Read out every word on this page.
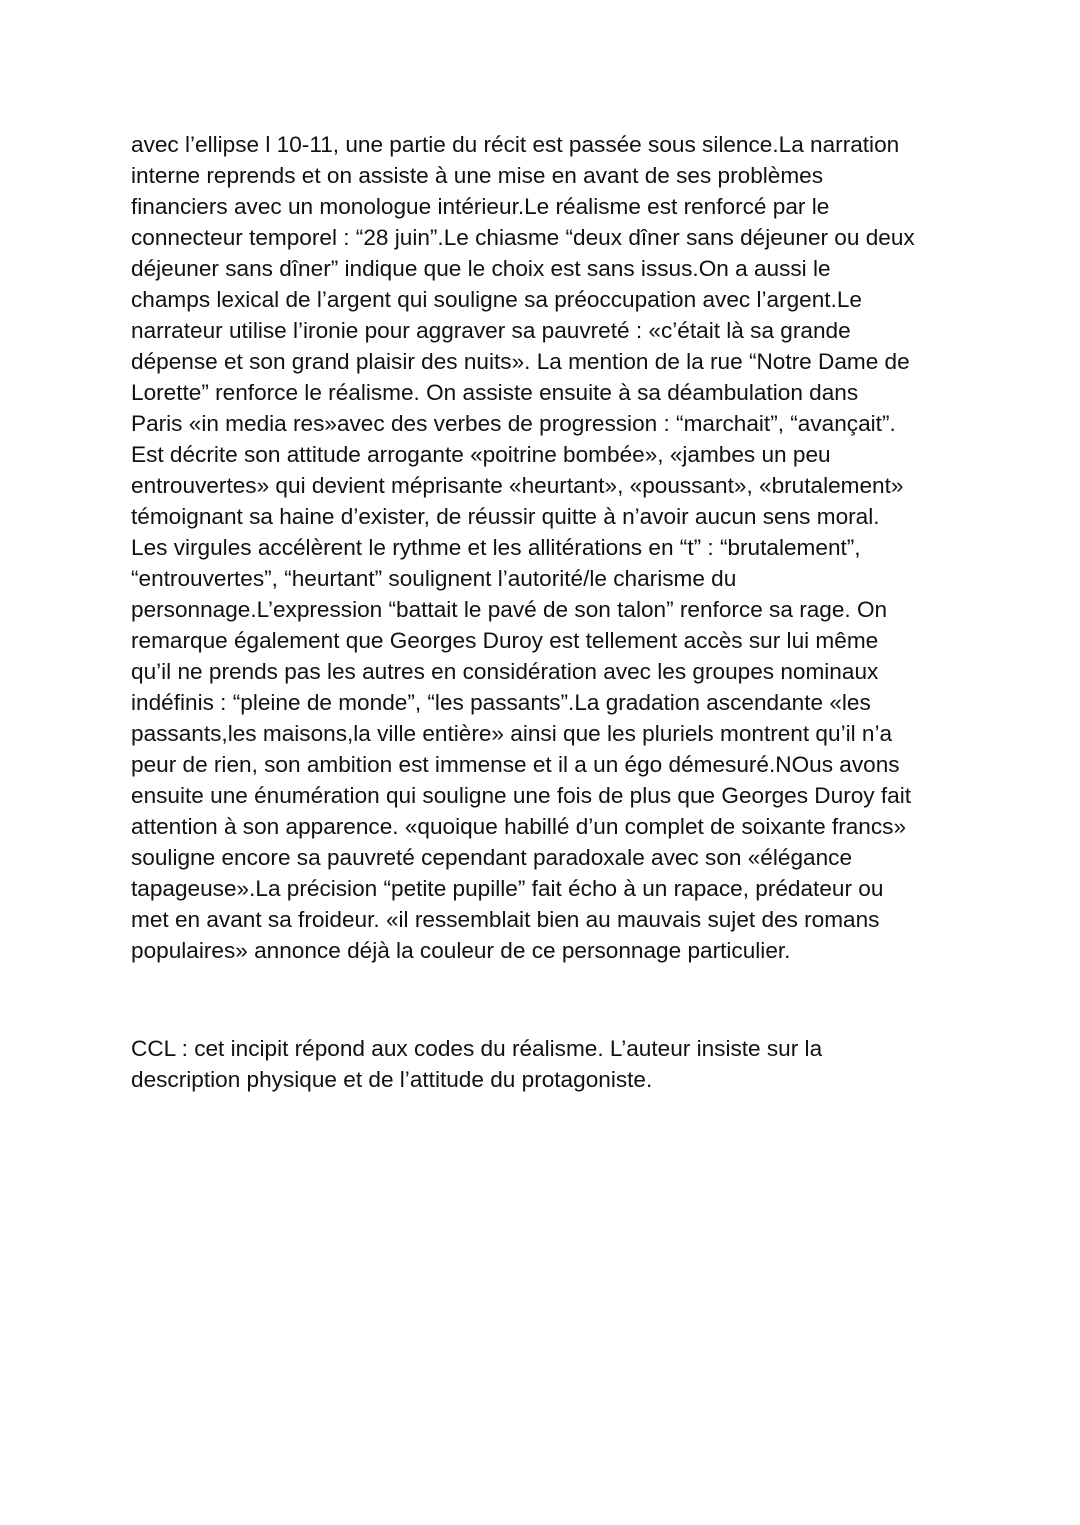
avec l’ellipse l 10-11, une partie du récit est passée sous silence.La narration
interne reprends et on assiste à une mise en avant de ses problèmes
financiers avec un monologue intérieur.Le réalisme est renforcé par le
connecteur temporel : “28 juin”.Le chiasme “deux dîner sans déjeuner ou deux
déjeuner sans dîner” indique que le choix est sans issus.On a aussi le
champs lexical de l’argent qui souligne sa préoccupation avec l’argent.Le
narrateur utilise l’ironie pour aggraver sa pauvreté : «c’était là sa grande
dépense et son grand plaisir des nuits». La mention de la rue “Notre Dame de
Lorette” renforce le réalisme. On assiste ensuite à sa déambulation dans
Paris «in media res»avec des verbes de progression : “marchait”, “avançait”.
Est décrite son attitude arrogante «poitrine bombée», «jambes un peu
entrouvertes» qui devient méprisante «heurtant», «poussant», «brutalement»
témoignant sa haine d’exister, de réussir quitte à n’avoir aucun sens moral.
Les virgules accélèrent le rythme et les allitérations en “t” : “brutalement”,
“entrouvertes”, “heurtant” soulignent l’autorité/le charisme du
personnage.L’expression “battait le pavé de son talon” renforce sa rage. On
remarque également que Georges Duroy est tellement accès sur lui même
qu’il ne prends pas les autres en considération avec les groupes nominaux
indéfinis : “pleine de monde”, “les passants”.La gradation ascendante «les
passants,les maisons,la ville entière» ainsi que les pluriels montrent qu’il n’a
peur de rien, son ambition est immense et il a un égo démesuré.NOus avons
ensuite une énumération qui souligne une fois de plus que Georges Duroy fait
attention à son apparence. «quoique habillé d’un complet de soixante francs»
souligne encore sa pauvreté cependant paradoxale avec son «élégance
tapageuse».La précision “petite pupille” fait écho à un rapace, prédateur ou
met en avant sa froideur. «il ressemblait bien au mauvais sujet des romans
populaires» annonce déjà la couleur de ce personnage particulier.
CCL : cet incipit répond aux codes du réalisme. L’auteur insiste sur la
description physique et de l’attitude du protagoniste.
